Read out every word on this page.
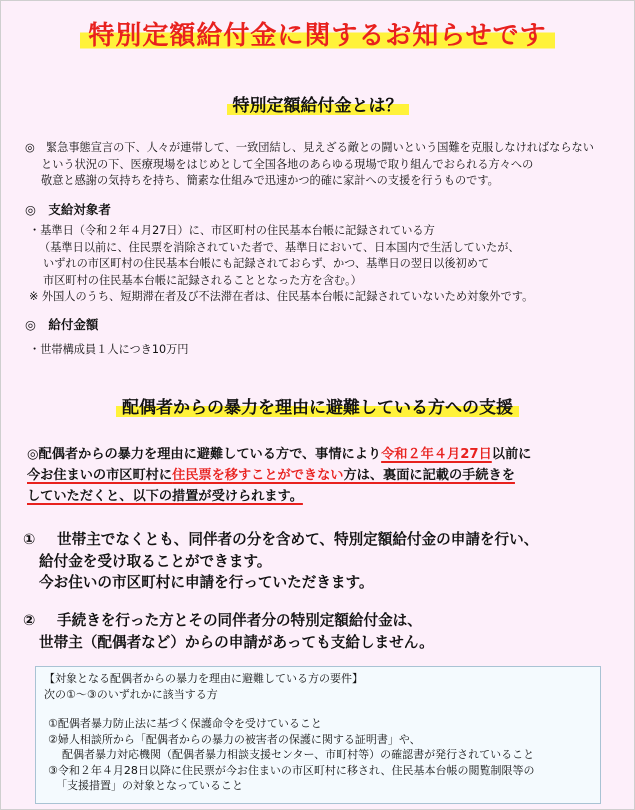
特別定額給付金に関するお知らせです
特別定額給付金とは？
◎　緊急事態宣言の下、人々が連帯して、一致団結し、見えざる敵との闘いという国難を克服しなければならない
という状況の下、医療現場をはじめとして全国各地のあらゆる現場で取り組んでおられる方々への
敬意と感謝の気持ちを持ち、簡素な仕組みで迅速かつ的確に家計への支援を行うものです。
◎　支給対象者
・基準日（令和２年４月27日）に、市区町村の住民基本台帳に記録されている方
（基準日以前に、住民票を消除されていた者で、基準日において、日本国内で生活していたが、
いずれの市区町村の住民基本台帳にも記録されておらず、かつ、基準日の翌日以後初めて
市区町村の住民基本台帳に記録されることとなった方を含む。）
※ 外国人のうち、短期滞在者及び不法滞在者は、住民基本台帳に記録されていないため対象外です。
◎　給付金額
・世帯構成員１人につき10万円
配偶者からの暴力を理由に避難している方への支援
◎配偶者からの暴力を理由に避難している方で、事情により令和２年４月27日以前に
今お住まいの市区町村に住民票を移すことができない方は、裏面に記載の手続きを
していただくと、以下の措置が受けられます。
① 世帯主でなくとも、同伴者の分を含めて、特別定額給付金の申請を行い、
給付金を受け取ることができます。
今お住いの市区町村に申請を行っていただきます。
② 手続きを行った方とその同伴者分の特別定額給付金は、
世帯主（配偶者など）からの申請があっても支給しません。
【対象となる配偶者からの暴力を理由に避難している方の要件】
次の①～③のいずれかに該当する方
①配偶者暴力防止法に基づく保護命令を受けていること
②婦人相談所から「配偶者からの暴力の被害者の保護に関する証明書」や、
配偶者暴力対応機関（配偶者暴力相談支援センター、市町村等）の確認書が発行されていること
③令和２年４月28日以降に住民票が今お住まいの市区町村に移され、住民基本台帳の閲覧制限等の
「支援措置」の対象となっていること
